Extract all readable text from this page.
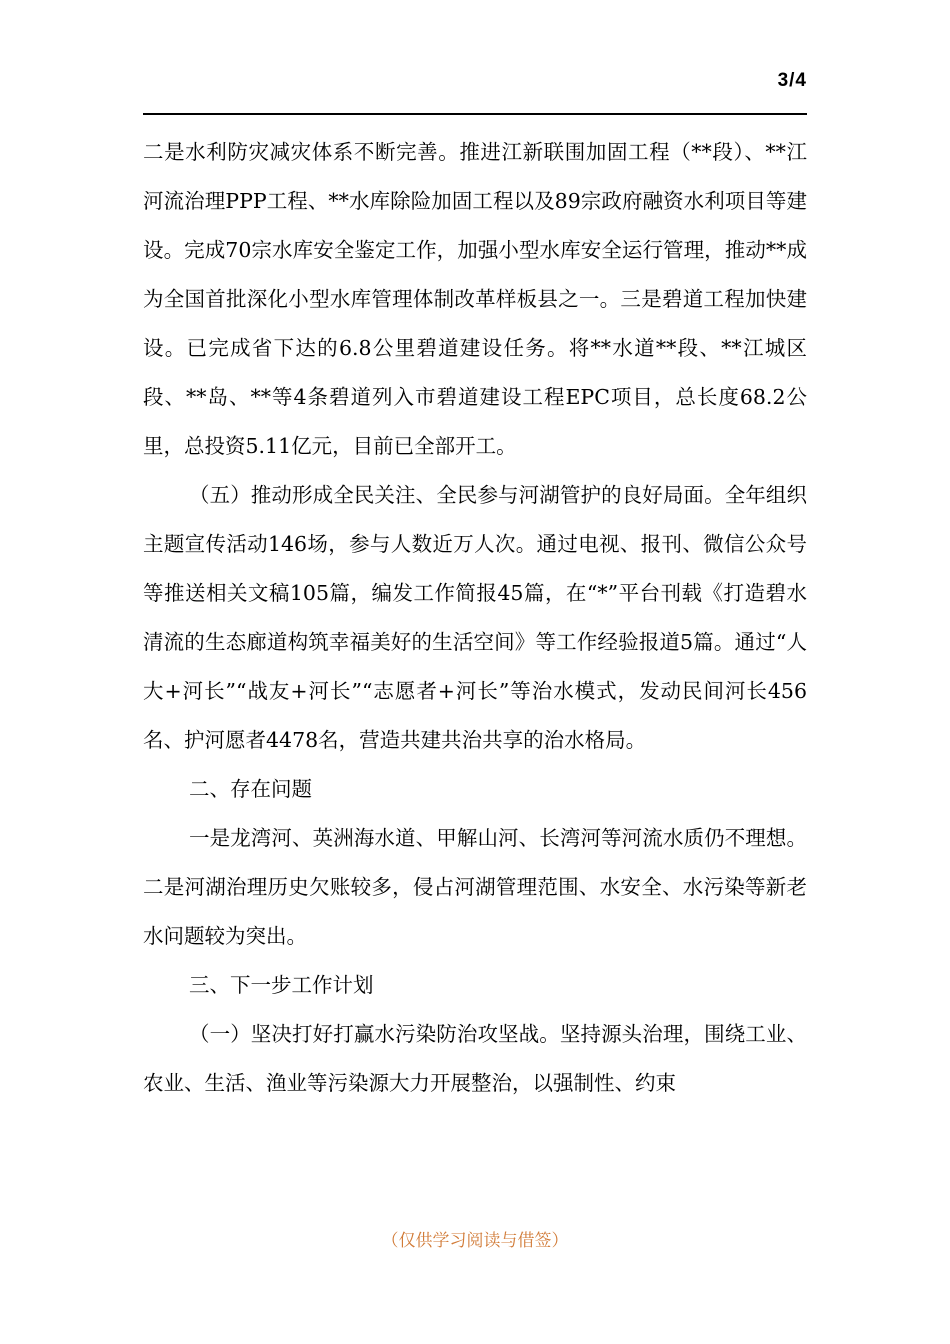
3/4

二是水利防灾减灾体系不断完善。推进江新联围加固工程（**段）、**江河流治理PPP工程、**水库除险加固工程以及89宗政府融资水利项目等建设。完成70宗水库安全鉴定工作，加强小型水库安全运行管理，推动**成为全国首批深化小型水库管理体制改革样板县之一。三是碧道工程加快建设。已完成省下达的6.8公里碧道建设任务。将**水道**段、**江城区段、**岛、**等4条碧道列入市碧道建设工程EPC项目，总长度68.2公里，总投资5.11亿元，目前已全部开工。

（五）推动形成全民关注、全民参与河湖管护的良好局面。全年组织主题宣传活动146场，参与人数近万人次。通过电视、报刊、微信公众号等推送相关文稿105篇，编发工作简报45篇，在“*”平台刊载《打造碧水清流的生态廊道构筑幸福美好的生活空间》等工作经验报道5篇。通过“人大+河长”“战友+河长”“志愿者+河长”等治水模式，发动民间河长456名、护河愿者4478名，营造共建共治共享的治水格局。

二、存在问题

一是龙湾河、英洲海水道、甲解山河、长湾河等河流水质仍不理想。二是河湖治理历史欠账较多，侵占河湖管理范围、水安全、水污染等新老水问题较为突出。

三、下一步工作计划

（一）坚决打好打赢水污染防治攻坚战。坚持源头治理，围绕工业、农业、生活、渔业等污染源大力开展整治，以强制性、约束

（仅供学习阅读与借签）
